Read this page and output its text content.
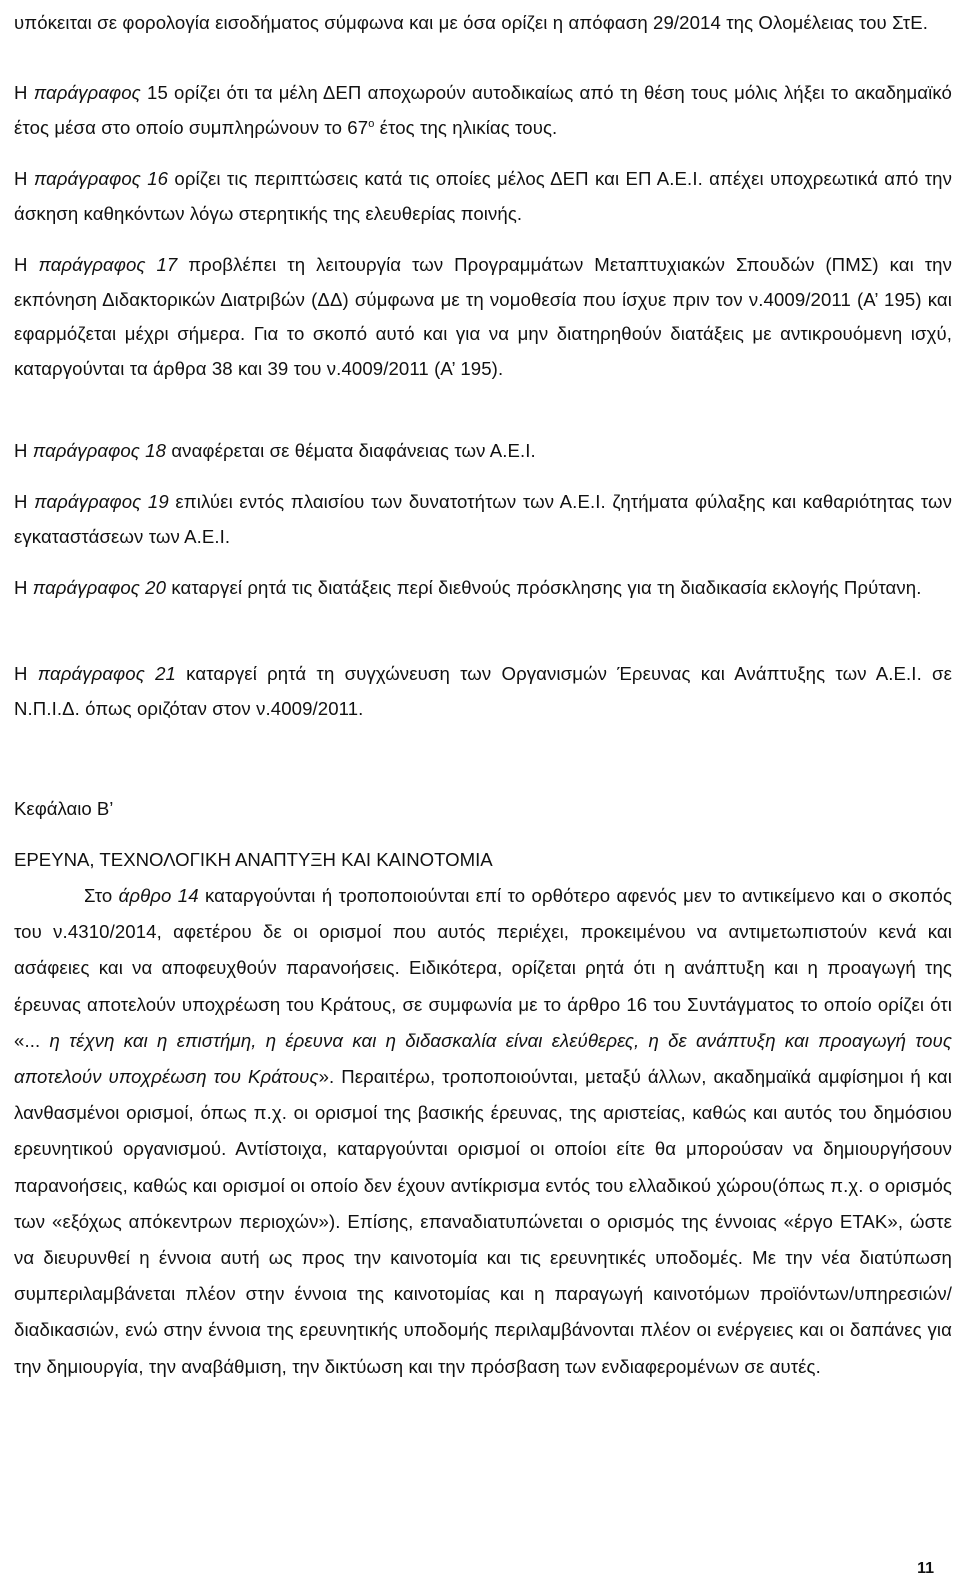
υπόκειται σε φορολογία εισοδήματος σύμφωνα και με όσα ορίζει η απόφαση 29/2014 της Ολομέλειας του ΣτΕ.

Η παράγραφος 15 ορίζει ότι τα μέλη ΔΕΠ αποχωρούν αυτοδικαίως από τη θέση τους μόλις λήξει το ακαδημαϊκό έτος μέσα στο οποίο συμπληρώνουν το $67^o$ έτος της ηλικίας τους.

Η παράγραφος 16 ορίζει τις περιπτώσεις κατά τις οποίες μέλος ΔΕΠ και ΕΠ Α.Ε.Ι. απέχει υποχρεωτικά από την άσκηση καθηκόντων λόγω στερητικής της ελευθερίας ποινής.

Η παράγραφος 17 προβλέπει τη λειτουργία των Προγραμμάτων Μεταπτυχιακών Σπουδών (ΠΜΣ) και την εκπόνηση Διδακτορικών Διατριβών (ΔΔ) σύμφωνα με τη νομοθεσία που ίσχυε πριν τον ν.4009/2011 (Α’ 195) και εφαρμόζεται μέχρι σήμερα. Για το σκοπό αυτό και για να μην διατηρηθούν διατάξεις με αντικρουόμενη ισχύ, καταργούνται τα άρθρα 38 και 39 του ν.4009/2011 (Α’ 195).

Η παράγραφος 18 αναφέρεται σε θέματα διαφάνειας των Α.Ε.Ι.

Η παράγραφος 19 επιλύει εντός πλαισίου των δυνατοτήτων των Α.Ε.Ι. ζητήματα φύλαξης και καθαριότητας των εγκαταστάσεων των Α.Ε.Ι.

Η παράγραφος 20 καταργεί ρητά τις διατάξεις περί διεθνούς πρόσκλησης για τη διαδικασία εκλογής Πρύτανη.

Η παράγραφος 21 καταργεί ρητά τη συγχώνευση των Οργανισμών Έρευνας και Ανάπτυξης των Α.Ε.Ι. σε Ν.Π.Ι.Δ. όπως οριζόταν στον ν.4009/2011.

Κεφάλαιο Β’
ΕΡΕΥΝΑ, ΤΕΧΝΟΛΟΓΙΚΗ ΑΝΑΠΤΥΞΗ ΚΑΙ ΚΑΙΝΟΤΟΜΙΑ

Στο άρθρο 14 καταργούνται ή τροποποιούνται επί το ορθότερο αφενός μεν το αντικείμενο και ο σκοπός του ν.4310/2014, αφετέρου δε οι ορισμοί που αυτός περιέχει, προκειμένου να αντιμετωπιστούν κενά και ασάφειες και να αποφευχθούν παρανοήσεις. Ειδικότερα, ορίζεται ρητά ότι η ανάπτυξη και η προαγωγή της έρευνας αποτελούν υποχρέωση του Κράτους, σε συμφωνία με το άρθρο 16 του Συντάγματος το οποίο ορίζει ότι «... η τέχνη και η επιστήμη, η έρευνα και η διδασκαλία είναι ελεύθερες, η δε ανάπτυξη και προαγωγή τους αποτελούν υποχρέωση του Κράτους». Περαιτέρω, τροποποιούνται, μεταξύ άλλων, ακαδημαϊκά αμφίσημοι ή και λανθασμένοι ορισμοί, όπως π.χ. οι ορισμοί της βασικής έρευνας, της αριστείας, καθώς και αυτός του δημόσιου ερευνητικού οργανισμού. Αντίστοιχα, καταργούνται ορισμοί οι οποίοι είτε θα μπορούσαν να δημιουργήσουν παρανοήσεις, καθώς και ορισμοί οι οποίο δεν έχουν αντίκρισμα εντός του ελλαδικού χώρου(όπως π.χ. ο ορισμός των «εξόχως απόκεντρων περιοχών»). Επίσης, επαναδιατυπώνεται ο ορισμός της έννοιας «έργο ΕΤΑΚ», ώστε να διευρυνθεί η έννοια αυτή ως προς την καινοτομία και τις ερευνητικές υποδομές. Με την νέα διατύπωση συμπεριλαμβάνεται πλέον στην έννοια της καινοτομίας και η παραγωγή καινοτόμων προϊόντων/υπηρεσιών/διαδικασιών, ενώ στην έννοια της ερευνητικής υποδομής περιλαμβάνονται πλέον οι ενέργειες και οι δαπάνες για την δημιουργία, την αναβάθμιση, την δικτύωση και την πρόσβαση των ενδιαφερομένων σε αυτές.

11
